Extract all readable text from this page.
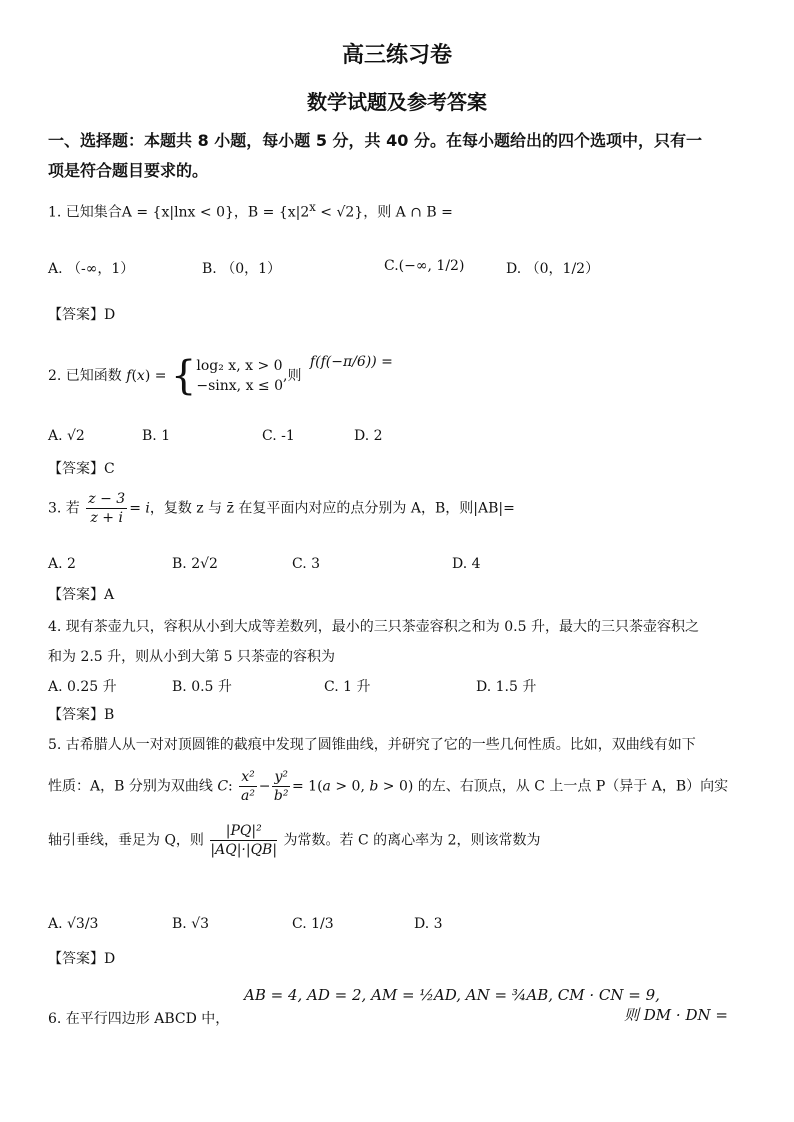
高三练习卷
数学试题及参考答案
一、选择题：本题共 8 小题，每小题 5 分，共 40 分。在每小题给出的四个选项中，只有一
项是符合题目要求的。
1. 已知集合A = {x|lnx < 0}，$B = \{x|2^x < √2\}$，则 A ∩ B =
A. （-∞，1）	B. （0，1）	C.(−∞, 1/2)	D. （0，1/2）
【答案】D
2. 已知函数 f(x) = {log₂ x, x > 0
−sinx, x ≤ 0,则 f(f(−π/6)) =
A. √2	B. 1	C. -1	D. 2
【答案】C
3. 若 $\frac{z - 3}{z + i} = i$，复数 z 与 z̄ 在复平面内对应的点分别为 A，B，则|AB|=
A. 2	B. 2√2	C. 3	D. 4
【答案】A
4. 现有茶壶九只，容积从小到大成等差数列，最小的三只茶壶容积之和为 0.5 升，最大的三只茶壶容积之
和为 2.5 升，则从小到大第 5 只茶壶的容积为
A. 0.25 升	B. 0.5 升	C. 1 升	D. 1.5 升
【答案】B
5. 古希腊人从一对对顶圆锥的截痕中发现了圆锥曲线，并研究了它的一些几何性质。比如，双曲线有如下
性质：A，B 分别为双曲线 C: $\frac{\text{x²}}{\text{a²}} - \frac{\text{y²}}{\text{b²}} = 1(a > 0$, b > 0) 的左、右顶点，从 C 上一点 P（异于 A，B）向实
轴引垂线，垂足为 Q，则 $\frac{\text{|PQ|²}}{|AQ|\cdot|QB|}$ 为常数。若 C 的离心率为 2，则该常数为
A. √3/3	B. √3	C. 1/3	D. 3
【答案】D
6. 在平行四边形 ABCD 中，
AB = 4, AD = 2, AM = ½AD, AN = ¾AB, CM · CN = 9,
则 DM · DN =
